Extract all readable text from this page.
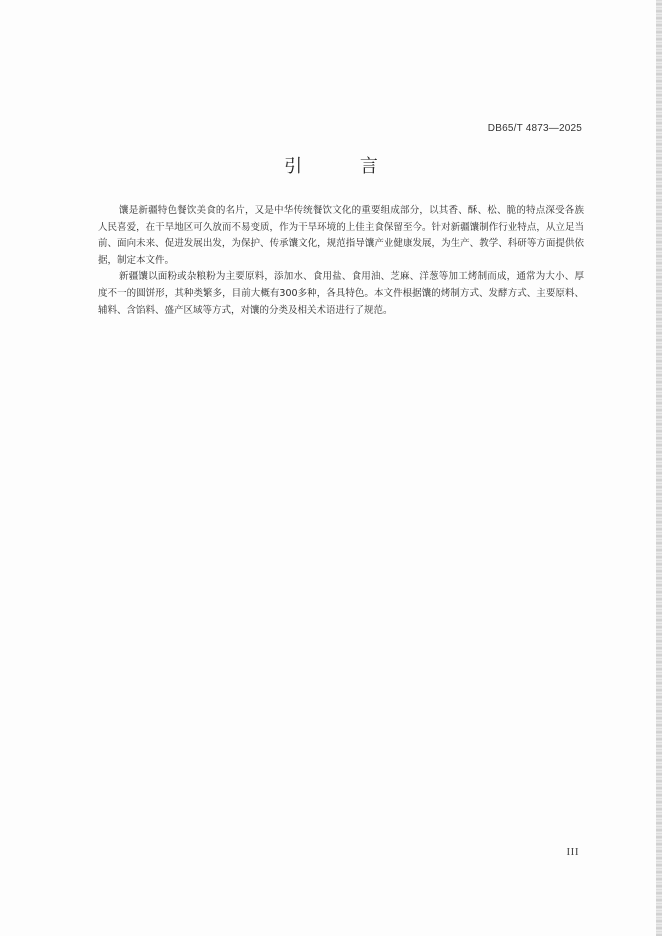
DB65/T 4873—2025
引 言

馕是新疆特色餐饮美食的名片，又是中华传统餐饮文化的重要组成部分，以其香、酥、松、脆的特点深受各族人民喜爱，在干旱地区可久放而不易变质，作为干旱环境的上佳主食保留至今。针对新疆馕制作行业特点，从立足当前、面向未来、促进发展出发，为保护、传承馕文化，规范指导馕产业健康发展，为生产、教学、科研等方面提供依据，制定本文件。

新疆馕以面粉或杂粮粉为主要原料，添加水、食用盐、食用油、芝麻、洋葱等加工烤制而成，通常为大小、厚度不一的圆饼形，其种类繁多，目前大概有300多种，各具特色。本文件根据馕的烤制方式、发酵方式、主要原料、辅料、含馅料、盛产区域等方式，对馕的分类及相关术语进行了规范。

III
